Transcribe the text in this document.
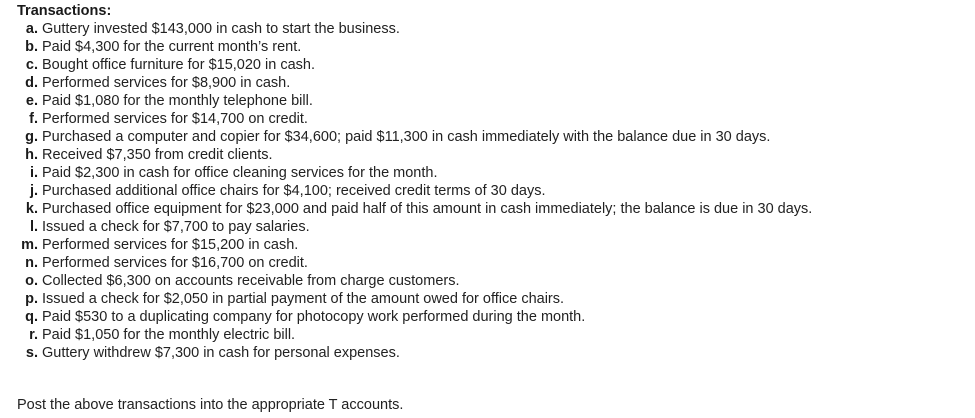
Transactions:
a. Guttery invested $143,000 in cash to start the business.
b. Paid $4,300 for the current month’s rent.
c. Bought office furniture for $15,020 in cash.
d. Performed services for $8,900 in cash.
e. Paid $1,080 for the monthly telephone bill.
f. Performed services for $14,700 on credit.
g. Purchased a computer and copier for $34,600; paid $11,300 in cash immediately with the balance due in 30 days.
h. Received $7,350 from credit clients.
i. Paid $2,300 in cash for office cleaning services for the month.
j. Purchased additional office chairs for $4,100; received credit terms of 30 days.
k. Purchased office equipment for $23,000 and paid half of this amount in cash immediately; the balance is due in 30 days.
l. Issued a check for $7,700 to pay salaries.
m. Performed services for $15,200 in cash.
n. Performed services for $16,700 on credit.
o. Collected $6,300 on accounts receivable from charge customers.
p. Issued a check for $2,050 in partial payment of the amount owed for office chairs.
q. Paid $530 to a duplicating company for photocopy work performed during the month.
r. Paid $1,050 for the monthly electric bill.
s. Guttery withdrew $7,300 in cash for personal expenses.
Post the above transactions into the appropriate T accounts.
